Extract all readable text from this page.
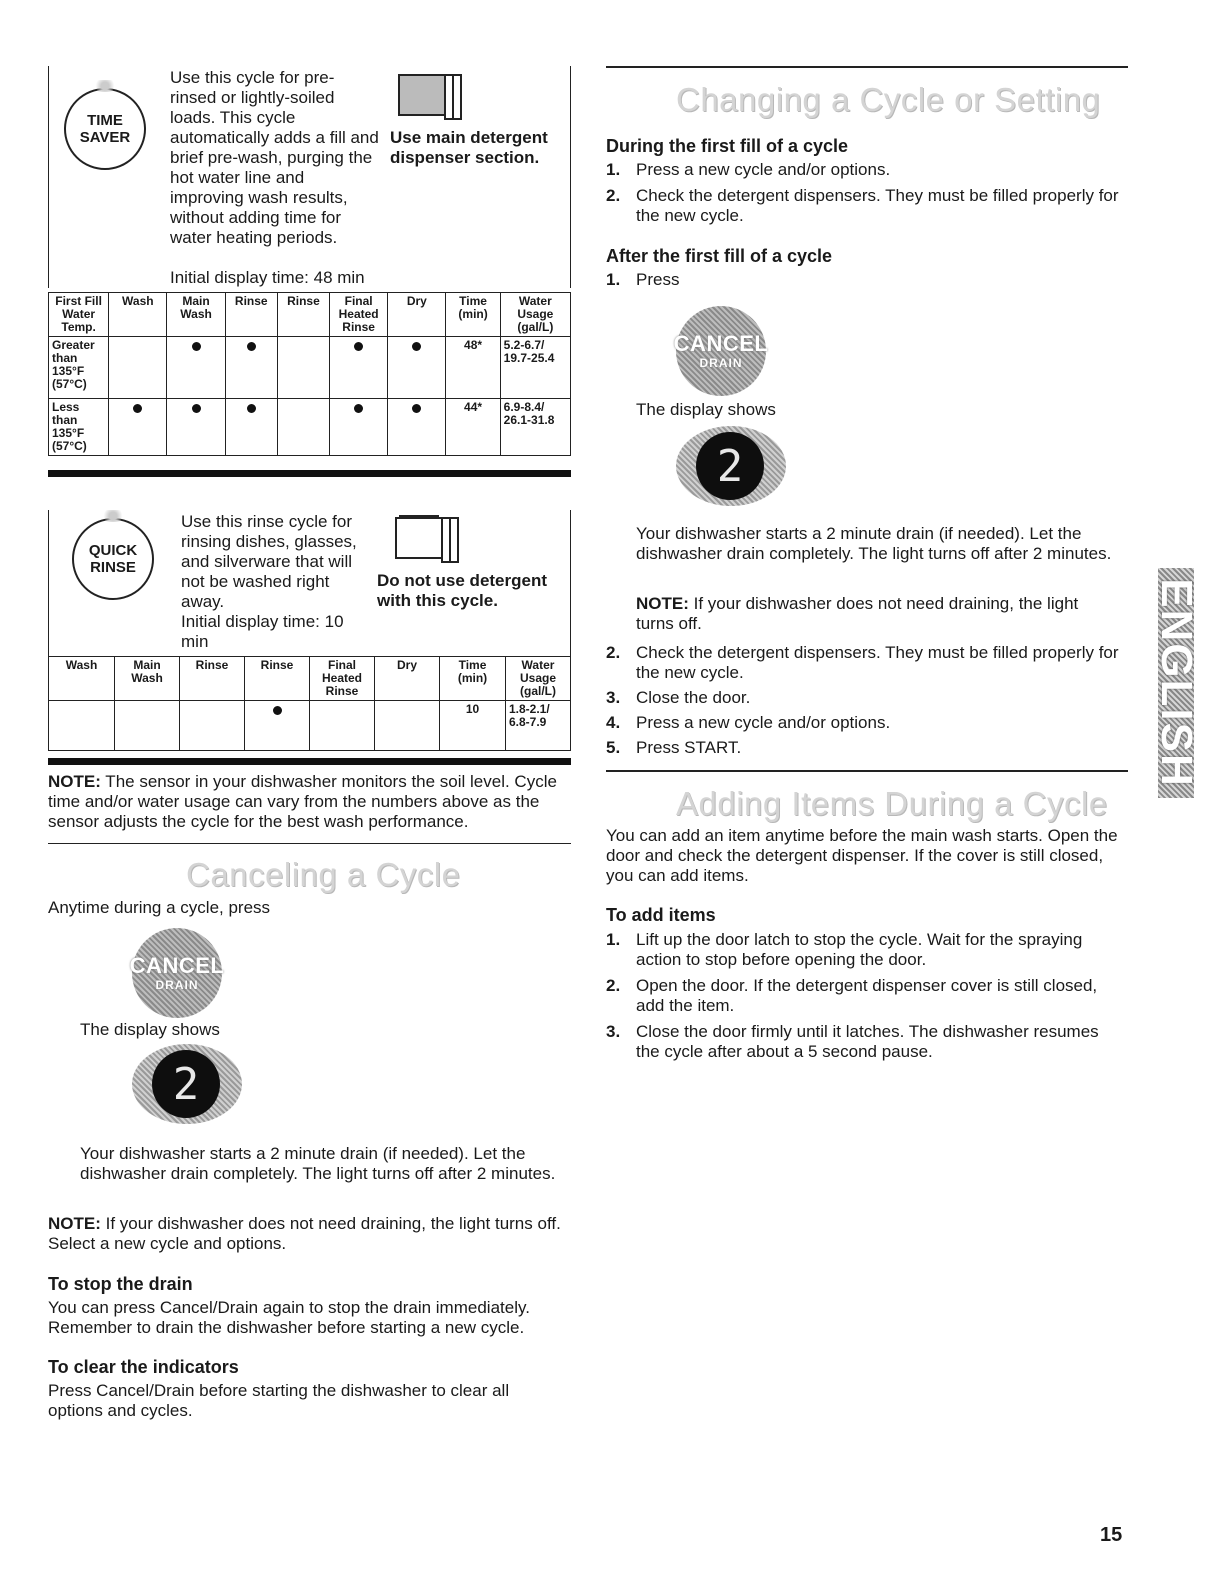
TIME
SAVER
Use this cycle for pre-rinsed or lightly-soiled loads. This cycle automatically adds a fill and brief pre-wash, purging the hot water line and improving wash results, without adding time for water heating periods.
Initial display time: 48 min
Use main detergent dispenser section.
First Fill Water Temp.	Wash	Main Wash	Rinse	Rinse	Final Heated Rinse	Dry	Time (min)	Water Usage (gal/L)
Greater than 135°F (57°C)							48*	5.2-6.7/ 19.7-25.4
Less than 135°F (57°C)							44*	6.9-8.4/ 26.1-31.8
QUICK
RINSE
Use this rinse cycle for rinsing dishes, glasses, and silverware that will not be washed right away.
Initial display time: 10 min
Do not use detergent with this cycle.
Wash	Main Wash	Rinse	Rinse	Final Heated Rinse	Dry	Time (min)	Water Usage (gal/L)
						10	1.8-2.1/ 6.8-7.9
NOTE: The sensor in your dishwasher monitors the soil level. Cycle time and/or water usage can vary from the numbers above as the sensor adjusts the cycle for the best wash performance.
Canceling a Cycle
Anytime during a cycle, press
CANCEL
DRAIN
The display shows
2
Your dishwasher starts a 2 minute drain (if needed). Let the dishwasher drain completely. The light turns off after 2 minutes.
NOTE: If your dishwasher does not need draining, the light turns off. Select a new cycle and options.
To stop the drain
You can press Cancel/Drain again to stop the drain immediately. Remember to drain the dishwasher before starting a new cycle.
To clear the indicators
Press Cancel/Drain before starting the dishwasher to clear all options and cycles.
Changing a Cycle or Setting
During the first fill of a cycle
1. Press a new cycle and/or options.
2. Check the detergent dispensers. They must be filled properly for the new cycle.
After the first fill of a cycle
1. Press
CANCEL
DRAIN
The display shows
2
Your dishwasher starts a 2 minute drain (if needed). Let the dishwasher drain completely. The light turns off after 2 minutes.
NOTE: If your dishwasher does not need draining, the light turns off.
2. Check the detergent dispensers. They must be filled properly for the new cycle.
3. Close the door.
4. Press a new cycle and/or options.
5. Press START.
Adding Items During a Cycle
You can add an item anytime before the main wash starts. Open the door and check the detergent dispenser. If the cover is still closed, you can add items.
To add items
1. Lift up the door latch to stop the cycle. Wait for the spraying action to stop before opening the door.
2. Open the door. If the detergent dispenser cover is still closed, add the item.
3. Close the door firmly until it latches. The dishwasher resumes the cycle after about a 5 second pause.
ENGLISH
15
